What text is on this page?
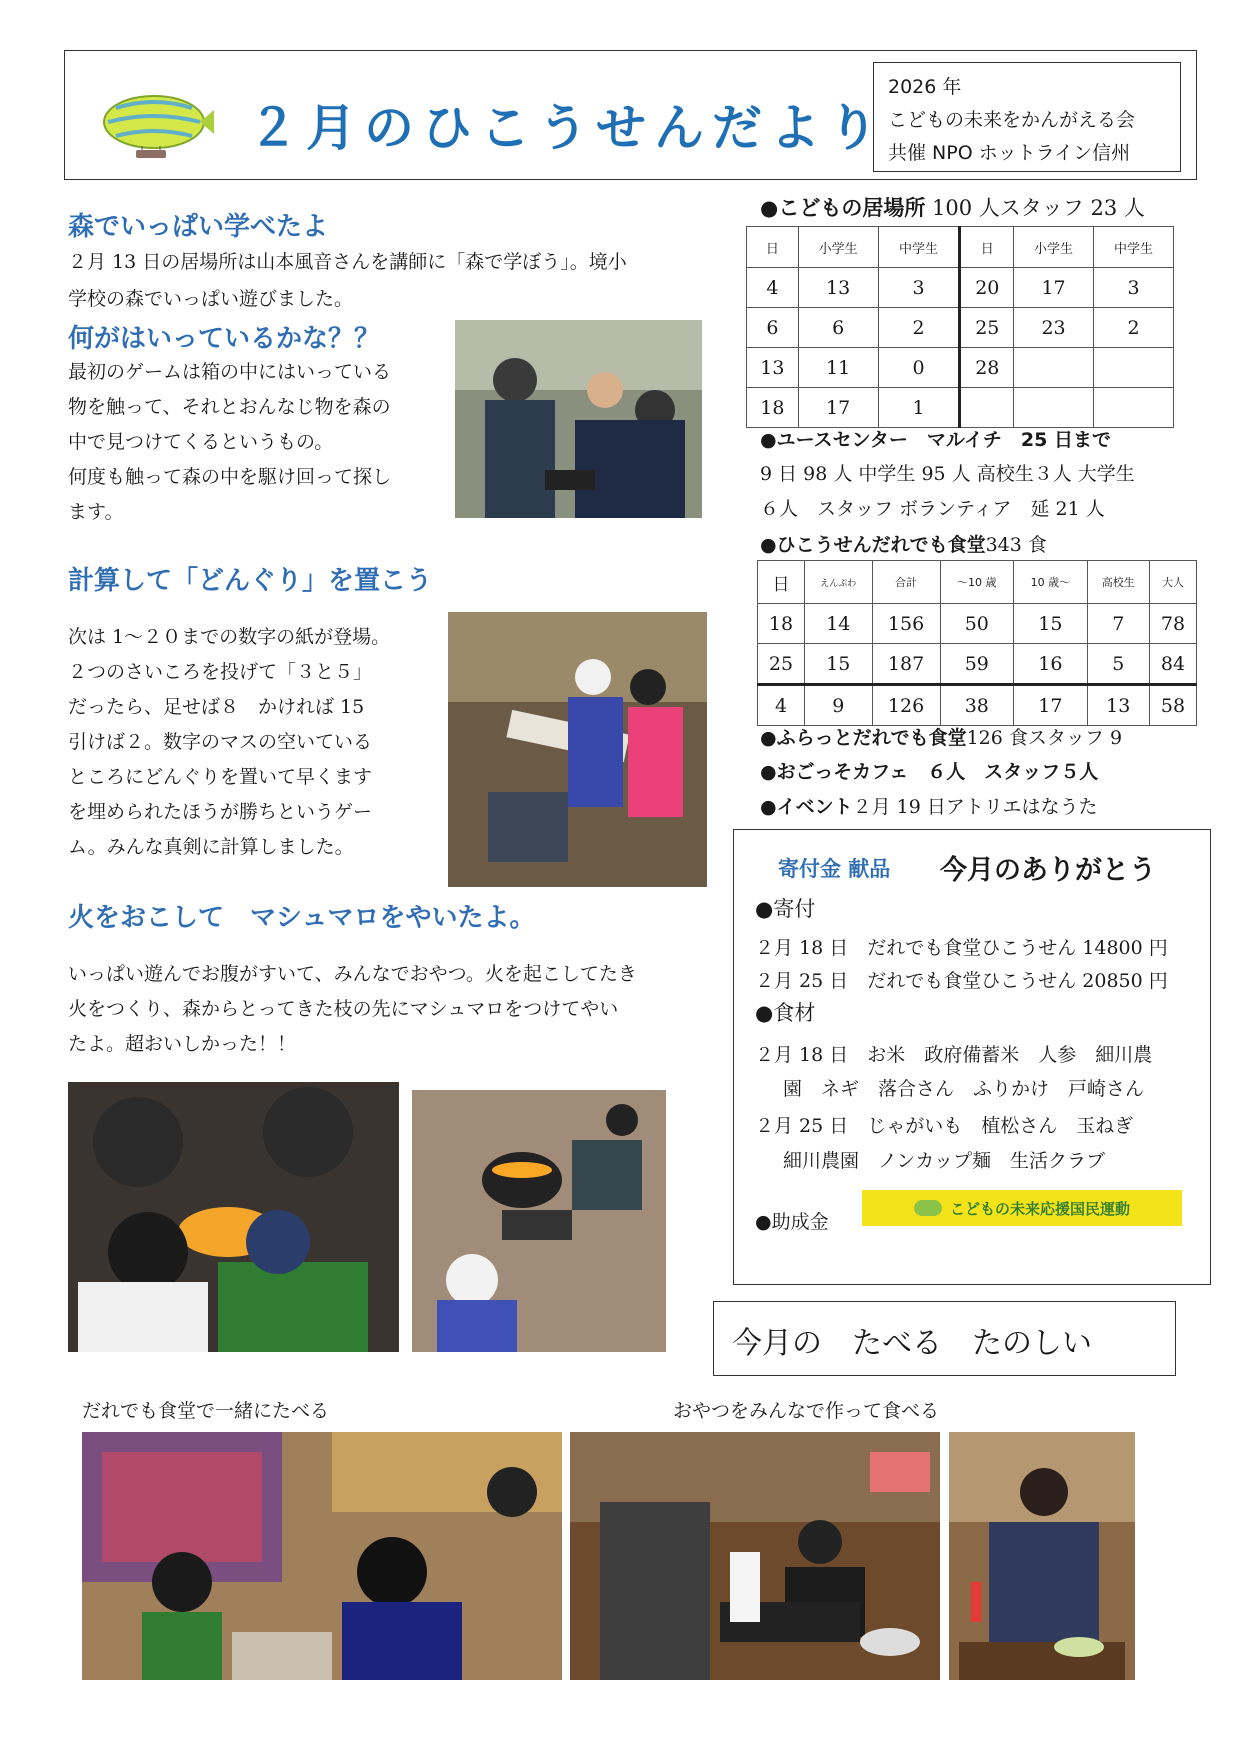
２月のひこうせんだより
2026 年
こどもの未来をかんがえる会
共催 NPO ホットライン信州
森でいっぱい学べたよ
２月 13 日の居場所は山本風音さんを講師に「森で学ぼう」。境小
学校の森でいっぱい遊びました。
何がはいっているかな？？
最初のゲームは箱の中にはいっている
物を触って、それとおんなじ物を森の
中で見つけてくるというもの。
何度も触って森の中を駆け回って探し
ます。
計算して「どんぐり」を置こう
次は 1～２０までの数字の紙が登場。
２つのさいころを投げて「３と５」
だったら、足せば８　かければ 15
引けば２。数字のマスの空いている
ところにどんぐりを置いて早くます
を埋められたほうが勝ちというゲー
ム。みんな真剣に計算しました。
火をおこして　マシュマロをやいたよ。
いっぱい遊んでお腹がすいて、みんなでおやつ。火を起こしてたき
火をつくり、森からとってきた枝の先にマシュマロをつけてやい
たよ。超おいしかった！！
●こどもの居場所 100 人スタッフ 23 人
日	小学生	中学生	日	小学生	中学生
4	13	3	20	17	3
6	6	2	25	23	2
13	11	0	28		
18	17	1			
●ユースセンター　マルイチ　25 日まで
9 日 98 人 中学生 95 人 高校生３人 大学生
６人　スタッフ ボランティア　延 21 人
●ひこうせんだれでも食堂343 食
日	えんぷわ	合計	～10 歳	10 歳～	高校生	大人
18	14	156	50	15	7	78
25	15	187	59	16	5	84
4	9	126	38	17	13	58
●ふらっとだれでも食堂126 食スタッフ 9
●おごっそカフェ　６人　スタッフ５人
●イベント２月 19 日アトリエはなうた
寄付金 献品 今月のありがとう
●寄付
２月 18 日　だれでも食堂ひこうせん 14800 円
２月 25 日　だれでも食堂ひこうせん 20850 円
●食材
２月 18 日　お米　政府備蓄米　人参　細川農
園　ネギ　落合さん　ふりかけ　戸崎さん
２月 25 日　じゃがいも　植松さん　玉ねぎ
細川農園　ノンカップ麺　生活クラブ
●助成金
こどもの未来応援国民運動
今月の　たべる　たのしい
だれでも食堂で一緒にたべる	おやつをみんなで作って食べる
